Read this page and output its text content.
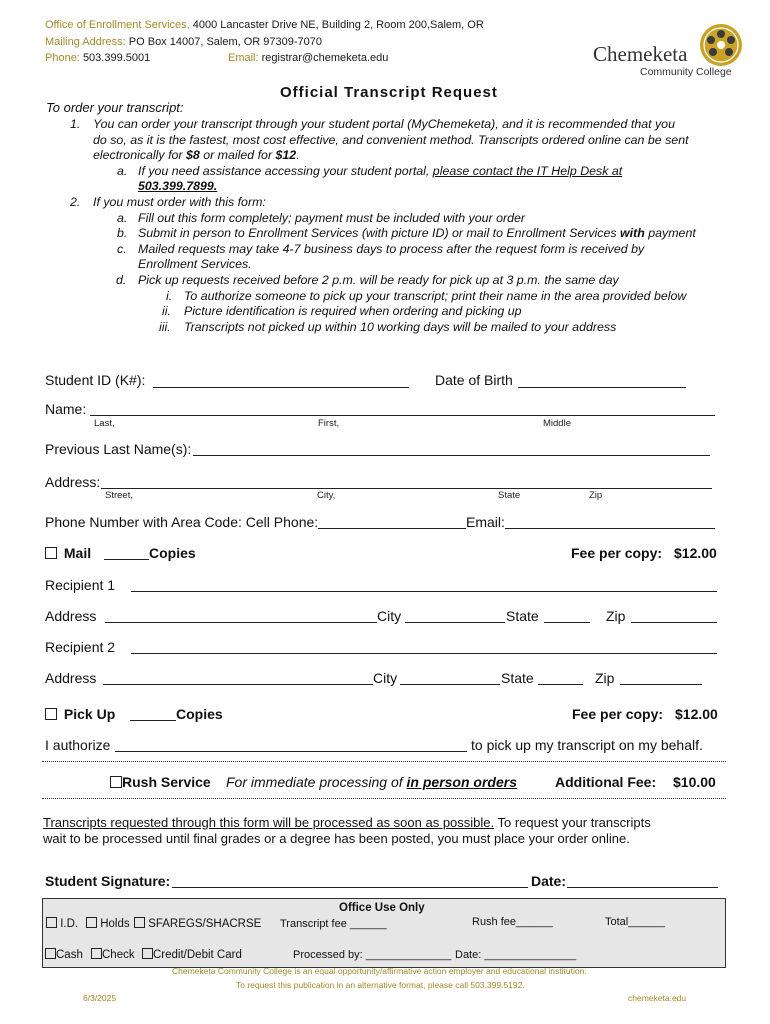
Office of Enrollment Services, 4000 Lancaster Drive NE, Building 2, Room 200,Salem, OR
Mailing Address: PO Box 14007, Salem, OR 97309-7070
Phone: 503.399.5001	Email: registrar@chemeketa.edu	Chemeketa
Community College
Official Transcript Request
To order your transcript:
1. You can order your transcript through your student portal (MyChemeketa), and it is recommended that you
do so, as it is the fastest, most cost effective, and convenient method. Transcripts ordered online can be sent
electronically for $8 or mailed for $12.
a. If you need assistance accessing your student portal, please contact the IT Help Desk at
503.399.7899.
2. If you must order with this form:
a. Fill out this form completely; payment must be included with your order
b. Submit in person to Enrollment Services (with picture ID) or mail to Enrollment Services with payment
c. Mailed requests may take 4-7 business days to process after the request form is received by
Enrollment Services.
d. Pick up requests received before 2 p.m. will be ready for pick up at 3 p.m. the same day
i. To authorize someone to pick up your transcript; print their name in the area provided below
ii. Picture identification is required when ordering and picking up
iii. Transcripts not picked up within 10 working days will be mailed to your address
Student ID (K#):	Date of Birth
Name:
Last,	First,	Middle
Previous Last Name(s):
Address:
Street,	City,	State	Zip
Phone Number with Area Code: Cell Phone:	Email:
Mail	Copies	Fee per copy: $12.00
Recipient 1
Address	City	State	Zip
Recipient 2
Address	City	State	Zip
Pick Up	Copies	Fee per copy: $12.00
I authorize	to pick up my transcript on my behalf.
Rush Service For immediate processing of in person orders	Additional Fee: $10.00
Transcripts requested through this form will be processed as soon as possible. To request your transcripts
wait to be processed until final grades or a degree has been posted, you must place your order online.
Student Signature:	Date:
Office Use Only
I.D.	Holds	SFAREGS/SHACRSE Transcript fee ______	Rush fee______	Total______
Cash	Check	Credit/Debit Card	Processed by: ______________ Date: _______________
Chemeketa Community College is an equal opportunity/affirmative action employer and educational institution.
To request this publication in an alternative format, please call 503.399.5192.
6/3/2025	chemeketa.edu
